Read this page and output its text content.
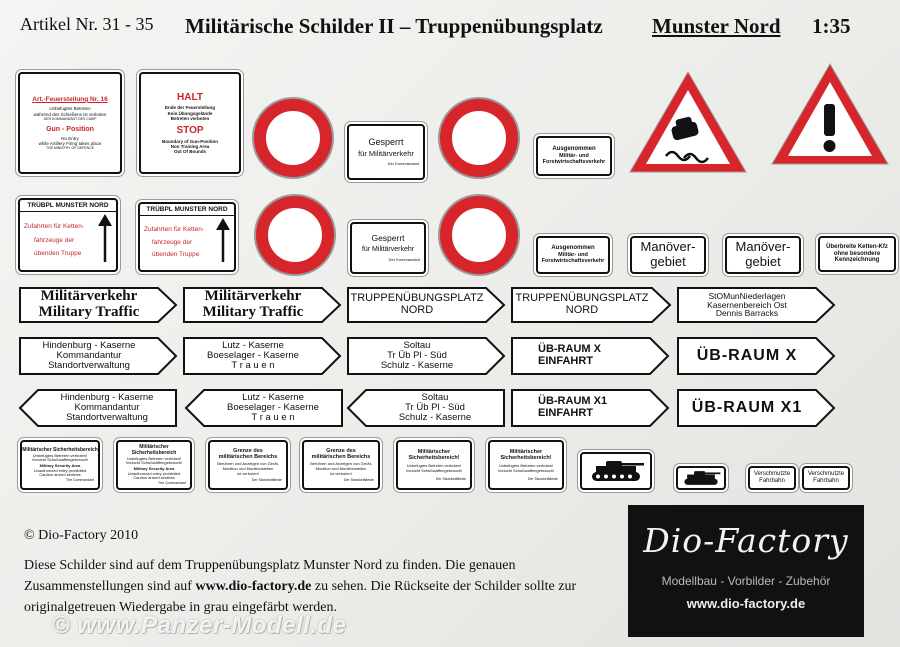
Artikel Nr. 31 - 35 Militärische Schilder II – Truppenübungsplatz Munster Nord 1:35
Art.-Feuerstellung Nr. 16
Unbefugtes Betreten
während des Schießens ist verboten
DER KOMMANDANT DES CAMP
Gun - Position
No Entry
while Artillery Firing takes place
THE MINISTRY OF DEFENCE
HALT
Ende der Feuerstellung
Kein Übungsgelände
Betreten verboten
STOP
Boundary of Gun-Position
Non Training Area
Out Of Bounds
Gesperrt
für Militärverkehr
Der Kommandant
Ausgenommen
Militär- und
Forstwirtschaftsverkehr
TRÜBPL MUNSTER NORD
Zufahrten für Ketten-
fahrzeuge der
übenden Truppe
TRÜBPL MUNSTER NORD
Zufahrten für Ketten-
fahrzeuge der
übenden Truppe
Gesperrt
für Militärverkehr
Der Kommandant
Ausgenommen
Militär- und
Forstwirtschaftsverkehr
Manöver-
gebiet
Manöver-
gebiet
Überbreite Ketten-Kfz
ohne besondere
Kennzeichnung
Militärverkehr
Military Traffic
Militärverkehr
Military Traffic
TRUPPENÜBUNGSPLATZ
NORD
TRUPPENÜBUNGSPLATZ
NORD
StOMunNiederlagen
Kasernenbereich Ost
Dennis Barracks
Hindenburg - Kaserne
Kommandantur
Standortverwaltung
Lutz - Kaserne
Boeselager - Kaserne
T r a u e n
Soltau
Tr Üb Pl - Süd
Schulz - Kaserne
ÜB-RAUM X
EINFAHRT	ÜB-RAUM X
Hindenburg - Kaserne
Kommandantur
Standortverwaltung
Lutz - Kaserne
Boeselager - Kaserne
T r a u e n
Soltau
Tr Üb Pl - Süd
Schulz - Kaserne
ÜB-RAUM X1
EINFAHRT	ÜB-RAUM X1
Militärischer Sicherheitsbereich
Unbefugtes Betreten verboten!
Vorsicht Schußwaffengebrauch!
Military Security Area
Unauthorized entry prohibited
Caution armed sentries
The Commandant
Militärischer Sicherheitsbereich
Unbefugtes Betreten verboten!
Vorsicht Schußwaffengebrauch!
Military Security Area
Unauthorized entry prohibited
Caution armed sentries
The Commandant
Grenze des militärischen Bereichs
Berühren und Anzeigen von Gerät,
Munition und Munitionsteilen
ist verboten!
Der Standortälteste
Grenze des militärischen Bereichs
Berühren und Anzeigen von Gerät,
Munition und Munitionsteilen
ist verboten!
Der Standortälteste
Militärischer Sicherheitsbereich!
Unbefugtes Betreten verboten!
Vorsicht Schußwaffengebrauch!
Der Standortälteste
Militärischer Sicherheitsbereich!
Unbefugtes Betreten verboten!
Vorsicht Schußwaffengebrauch!
Der Standortälteste
Verschmutzte
Fahrbahn
Verschmutzte
Fahrbahn
© Dio-Factory 2010
Diese Schilder sind auf dem Truppenübungsplatz Munster Nord zu finden. Die genauen Zusammenstellungen sind auf www.dio-factory.de zu sehen. Die Rückseite der Schilder sollte zur originalgetreuen Wiedergabe in grau eingefärbt werden.
Dio-Factory
Modellbau - Vorbilder - Zubehör
www.dio-factory.de
© www.Panzer-Modell.de
